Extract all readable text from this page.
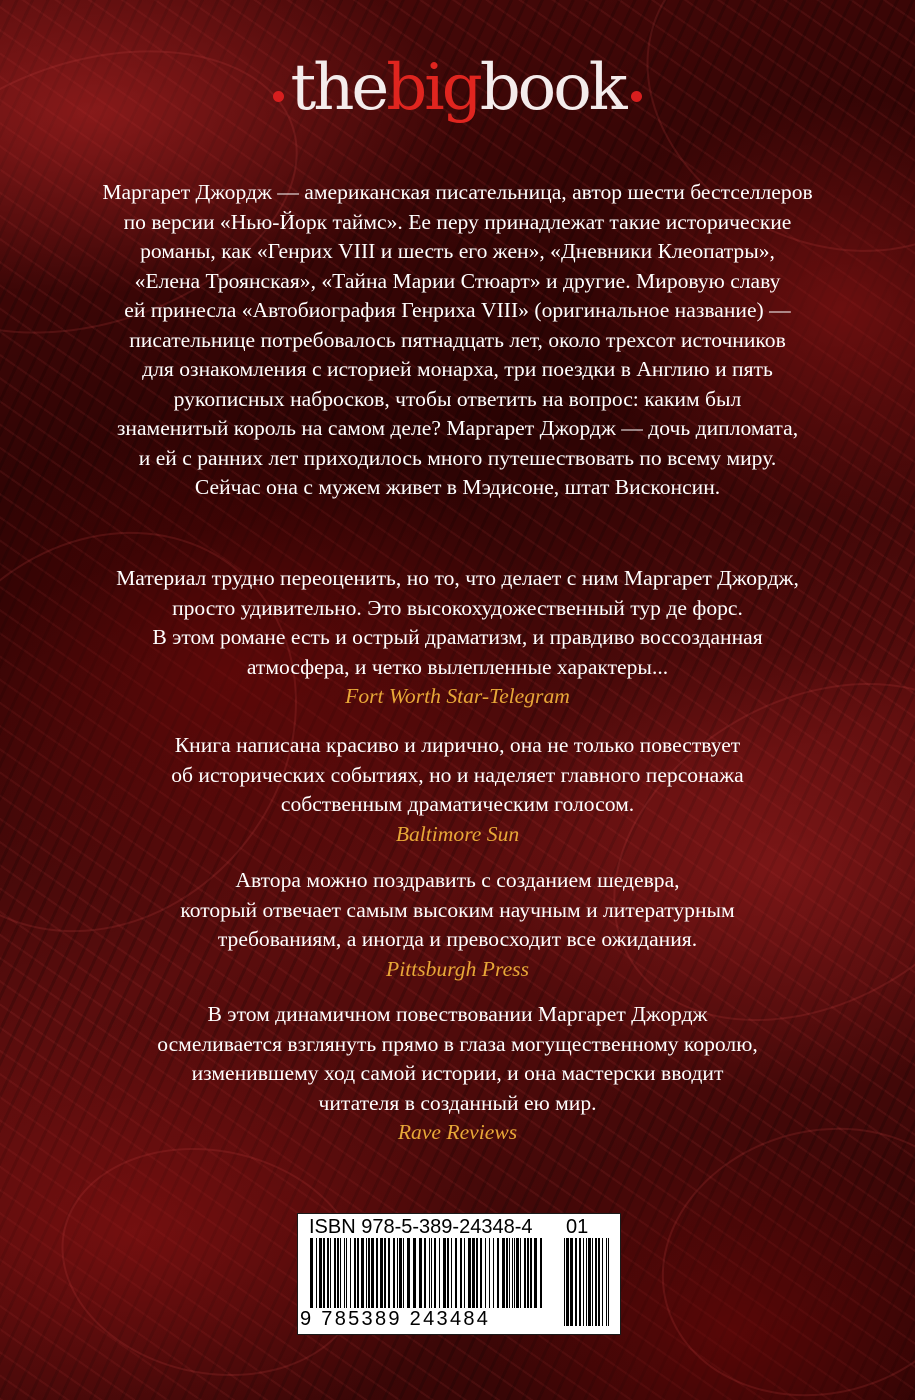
thebigbook

Маргарет Джордж — американская писательница, автор шести бестселлеров

по версии «Нью-Йорк таймс». Ее перу принадлежат такие исторические

романы, как «Генрих VIII и шесть его жен», «Дневники Клеопатры»,

«Елена Троянская», «Тайна Марии Стюарт» и другие. Мировую славу

ей принесла «Автобиография Генриха VIII» (оригинальное название) —

писательнице потребовалось пятнадцать лет, около трехсот источников

для ознакомления с историей монарха, три поездки в Англию и пять

рукописных набросков, чтобы ответить на вопрос: каким был

знаменитый король на самом деле? Маргарет Джордж — дочь дипломата,

и ей с ранних лет приходилось много путешествовать по всему миру.

Сейчас она с мужем живет в Мэдисоне, штат Висконсин.

Материал трудно переоценить, но то, что делает с ним Маргарет Джордж,

просто удивительно. Это высокохудожественный тур де форс.

В этом романе есть и острый драматизм, и правдиво воссозданная

атмосфера, и четко вылепленные характеры...

Fort Worth Star-Telegram

Книга написана красиво и лирично, она не только повествует

об исторических событиях, но и наделяет главного персонажа

собственным драматическим голосом.

Baltimore Sun

Автора можно поздравить с созданием шедевра,

который отвечает самым высоким научным и литературным

требованиям, а иногда и превосходит все ожидания.

Pittsburgh Press

В этом динамичном повествовании Маргарет Джордж

осмеливается взглянуть прямо в глаза могущественному королю,

изменившему ход самой истории, и она мастерски вводит

читателя в созданный ею мир.

Rave Reviews

ISBN 978-5-389-24348-4 01
9 785389 243484
